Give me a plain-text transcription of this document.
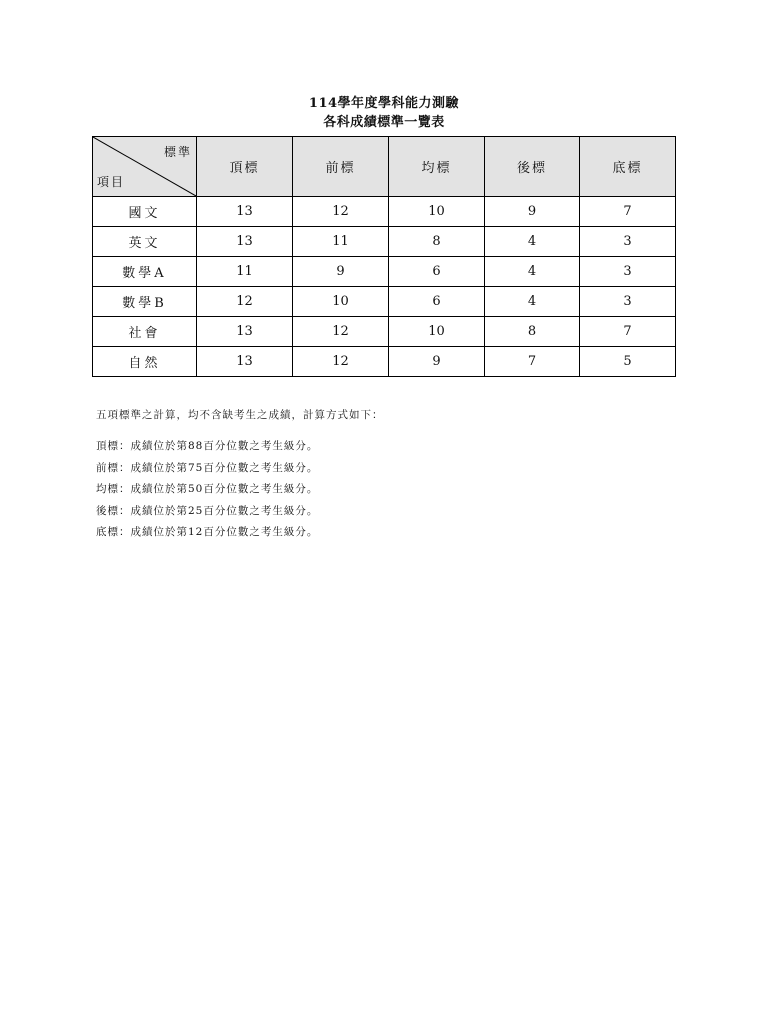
114學年度學科能力測驗
各科成績標準一覽表
標準
項目	頂標	前標	均標	後標	底標
國文	13	12	10	9	7
英文	13	11	8	4	3
數學A	11	9	6	4	3
數學B	12	10	6	4	3
社會	13	12	10	8	7
自然	13	12	9	7	5
五項標準之計算，均不含缺考生之成績，計算方式如下：
頂標：成績位於第88百分位數之考生級分。
前標：成績位於第75百分位數之考生級分。
均標：成績位於第50百分位數之考生級分。
後標：成績位於第25百分位數之考生級分。
底標：成績位於第12百分位數之考生級分。
